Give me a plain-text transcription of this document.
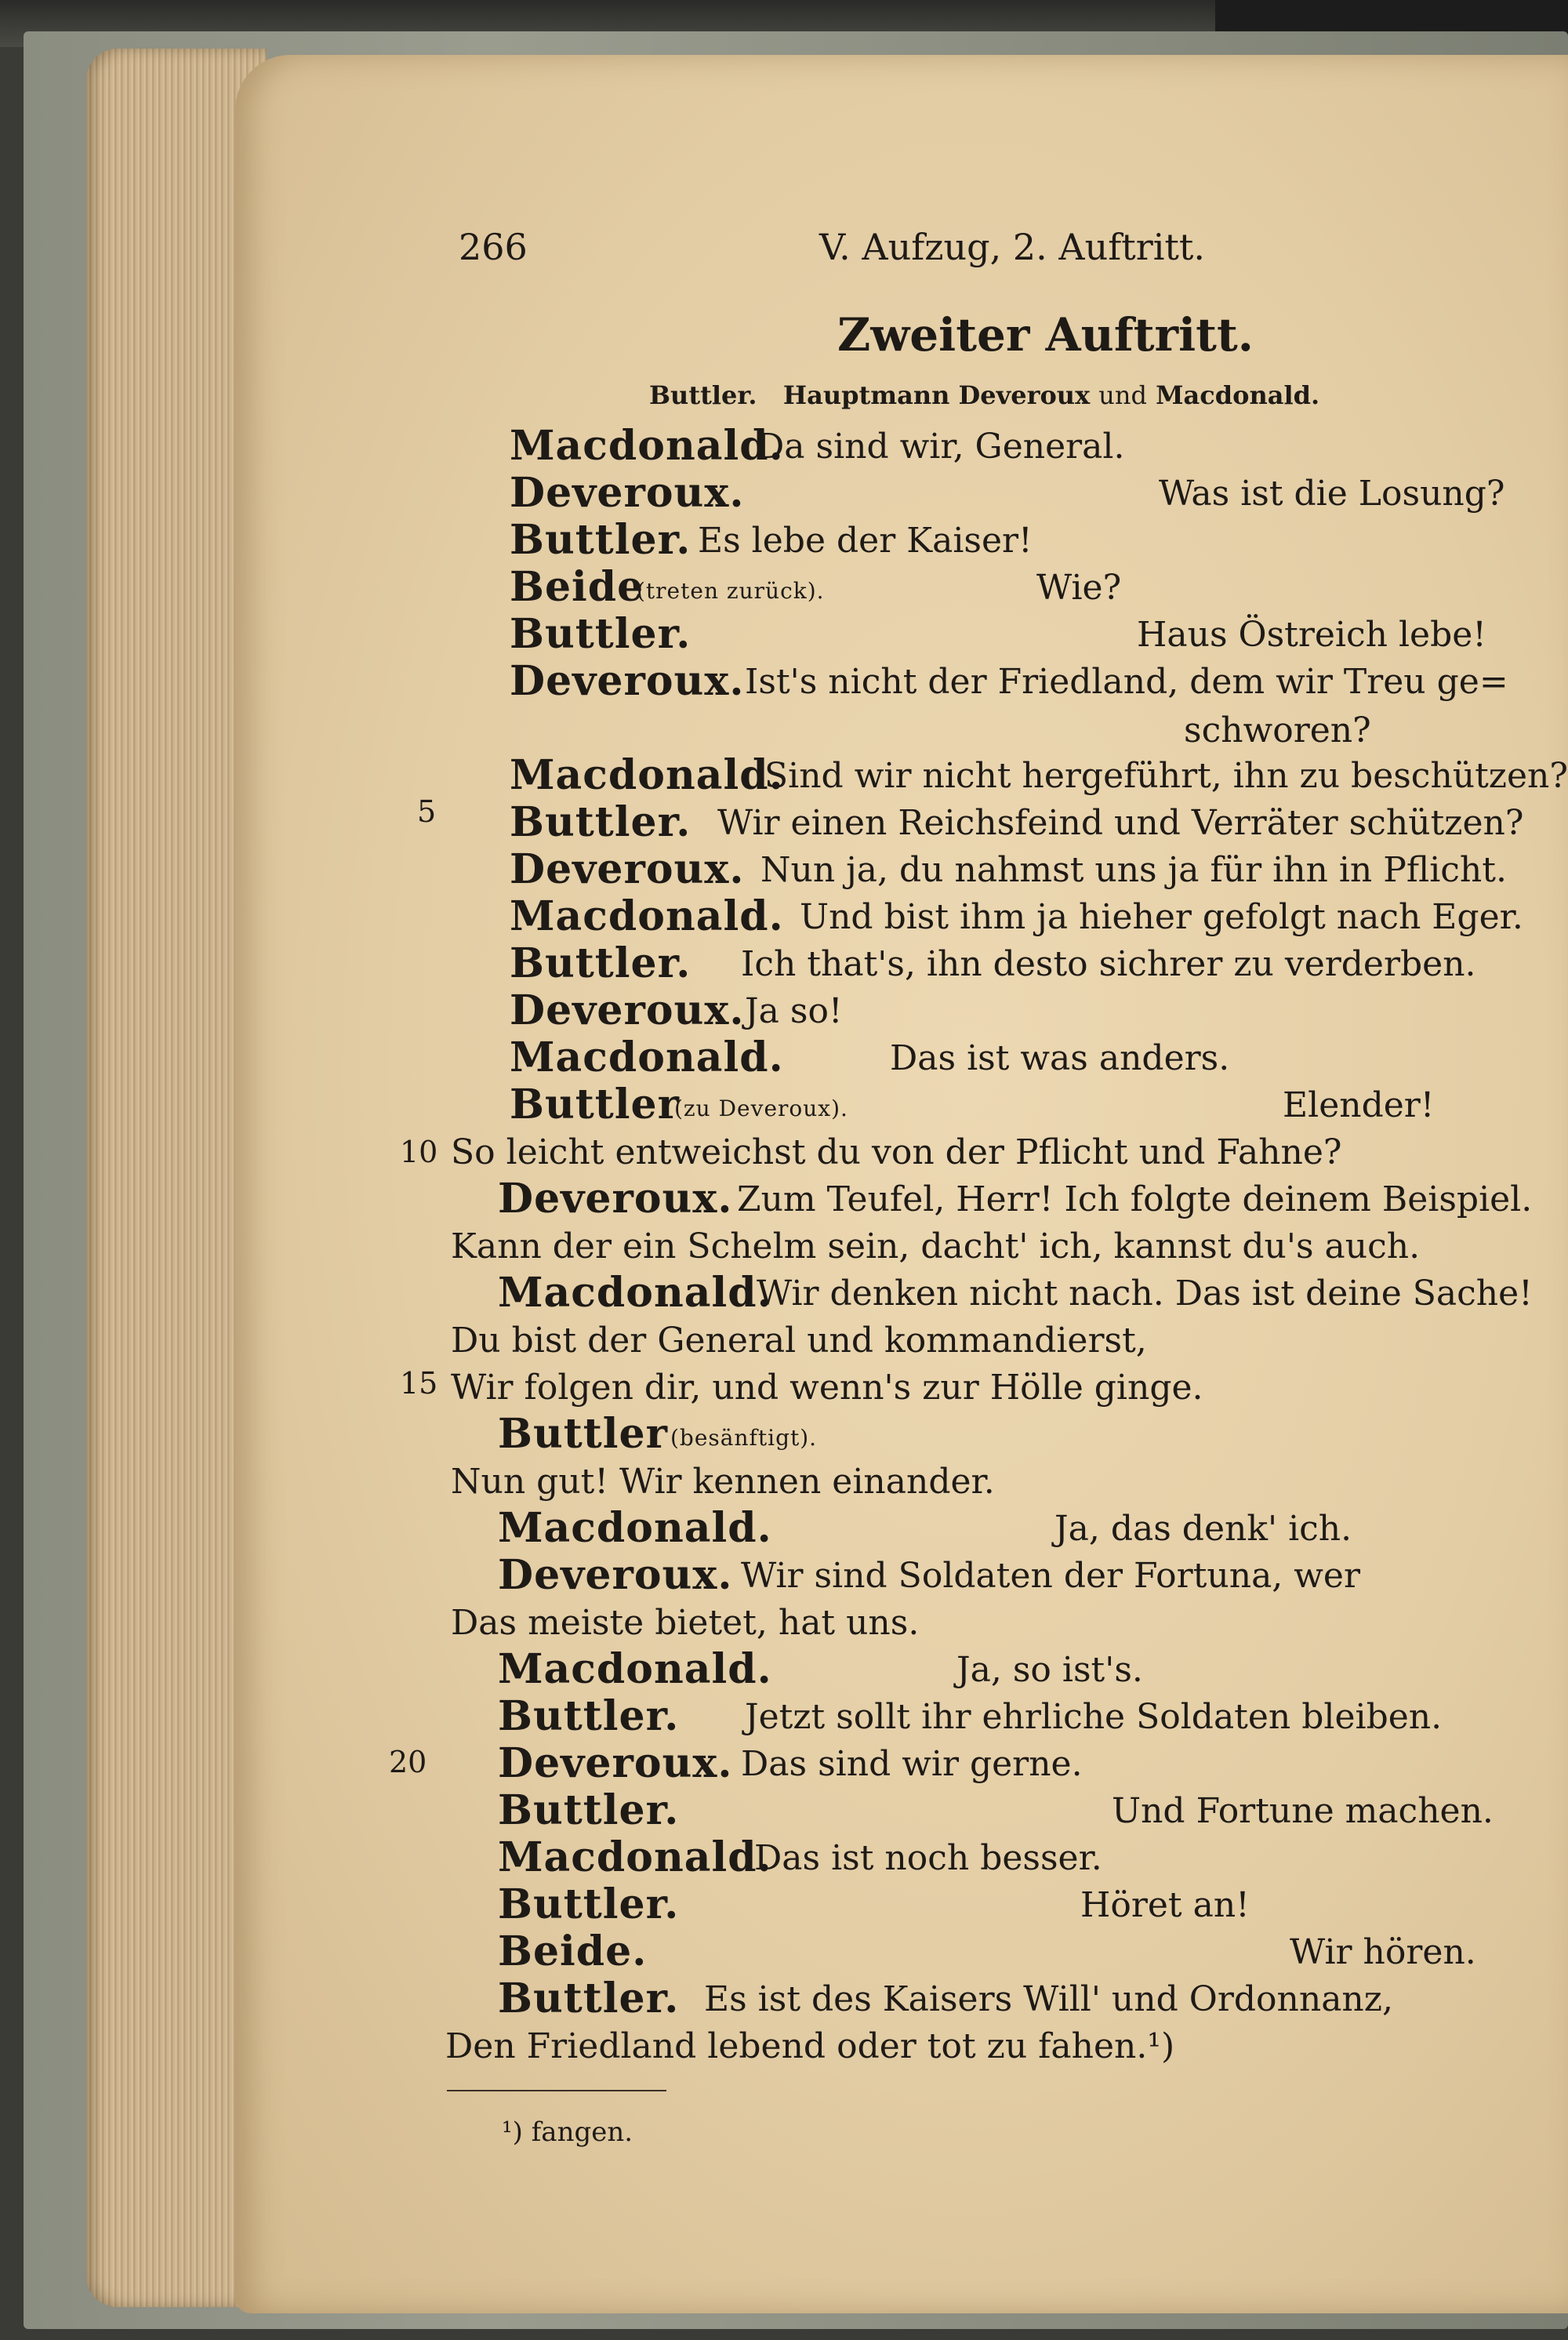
266	V. Aufzug, 2. Auftritt.
Zweiter Auftritt.
Buttler. Hauptmann Deveroux und Macdonald.
5
10
15
20
Macdonald.
Da sind wir, General.
Deveroux.	Was ist die Losung?
Buttler. Es lebe der Kaiser!
Beide
(treten zurück).	Wie?
Buttler.	Haus Östreich lebe!
Deveroux. Ist's nicht der Friedland, dem wir Treu ge=
schworen?
Macdonald.
Sind wir nicht hergeführt, ihn zu beschützen?
Buttler. Wir einen Reichsfeind und Verräter schützen?
Deveroux. Nun ja, du nahmst uns ja für ihn in Pflicht.
Macdonald. Und bist ihm ja hieher gefolgt nach Eger.
Buttler. Ich that's, ihn desto sichrer zu verderben.
Deveroux. Ja so!
Macdonald.	Das ist was anders.
Buttler
(zu Deveroux).	Elender!
So leicht entweichst du von der Pflicht und Fahne?
Deveroux. Zum Teufel, Herr! Ich folgte deinem Beispiel.
Kann der ein Schelm sein, dacht' ich, kannst du's auch.
Macdonald.
Wir denken nicht nach. Das ist deine Sache!
Du bist der General und kommandierst,
Wir folgen dir, und wenn's zur Hölle ginge.
Buttler (besänftigt).
Nun gut! Wir kennen einander.
Macdonald.	Ja, das denk' ich.
Deveroux. Wir sind Soldaten der Fortuna, wer
Das meiste bietet, hat uns.
Macdonald.	Ja, so ist's.
Buttler. Jetzt sollt ihr ehrliche Soldaten bleiben.
Deveroux. Das sind wir gerne.
Buttler.	Und Fortune machen.
Macdonald.
Das ist noch besser.
Buttler.	Höret an!
Beide.	Wir hören.
Buttler. Es ist des Kaisers Will' und Ordonnanz,
Den Friedland lebend oder tot zu fahen.¹)
¹) fangen.
